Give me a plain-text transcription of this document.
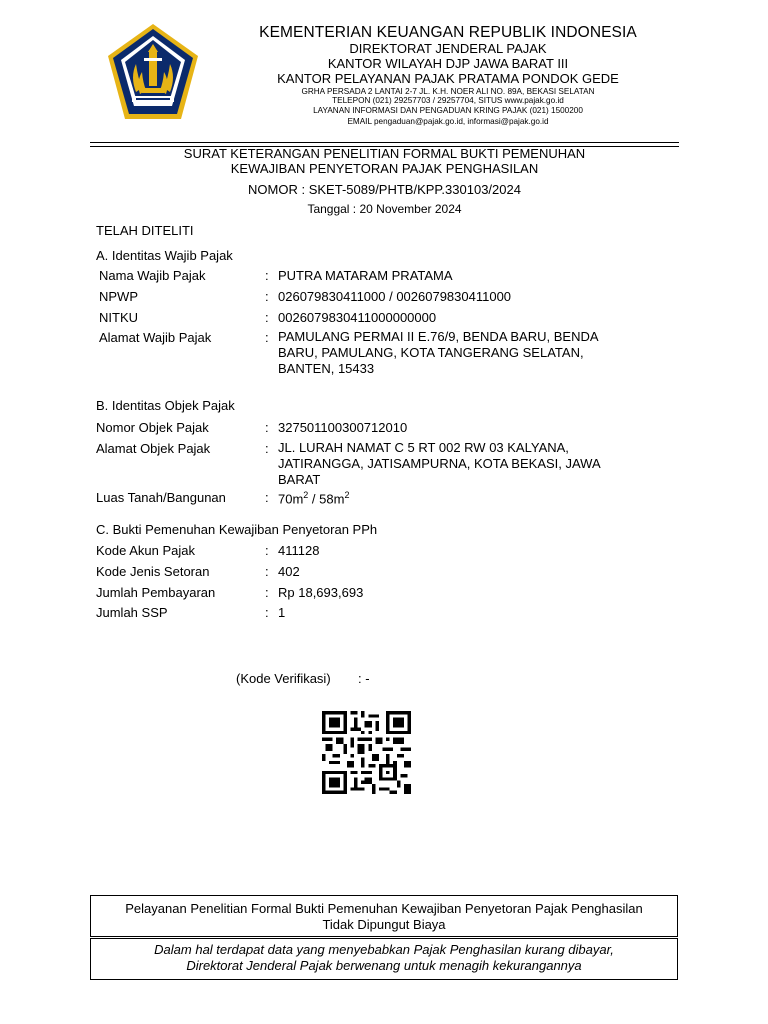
KEMENTERIAN KEUANGAN REPUBLIK INDONESIA
DIREKTORAT JENDERAL PAJAK
KANTOR WILAYAH DJP JAWA BARAT III
KANTOR PELAYANAN PAJAK PRATAMA PONDOK GEDE
GRHA PERSADA 2 LANTAI 2-7 JL. K.H. NOER ALI NO. 89A, BEKASI SELATAN
TELEPON (021) 29257703 / 29257704, SITUS www.pajak.go.id
LAYANAN INFORMASI DAN PENGADUAN KRING PAJAK (021) 1500200
EMAIL pengaduan@pajak.go.id, informasi@pajak.go.id
SURAT KETERANGAN PENELITIAN FORMAL BUKTI PEMENUHAN
KEWAJIBAN PENYETORAN PAJAK PENGHASILAN
NOMOR : SKET-5089/PHTB/KPP.330103/2024
Tanggal : 20 November 2024
TELAH DITELITI
A. Identitas Wajib Pajak
Nama Wajib Pajak	: PUTRA MATARAM PRATAMA
NPWP	: 026079830411000 / 0026079830411000
NITKU	: 0026079830411000000000
Alamat Wajib Pajak	: PAMULANG PERMAI II E.76/9, BENDA BARU, BENDA BARU, PAMULANG, KOTA TANGERANG SELATAN, BANTEN, 15433
B. Identitas Objek Pajak
Nomor Objek Pajak	: 327501100300712010
Alamat Objek Pajak	: JL. LURAH NAMAT C 5 RT 002 RW 03 KALYANA, JATIRANGGA, JATISAMPURNA, KOTA BEKASI, JAWA BARAT
Luas Tanah/Bangunan	: $70m^2 / 58m^2$
C. Bukti Pemenuhan Kewajiban Penyetoran PPh
Kode Akun Pajak	: 411128
Kode Jenis Setoran	: 402
Jumlah Pembayaran	: Rp 18,693,693
Jumlah SSP	: 1
(Kode Verifikasi) : -
Pelayanan Penelitian Formal Bukti Pemenuhan Kewajiban Penyetoran Pajak Penghasilan
Tidak Dipungut Biaya
Dalam hal terdapat data yang menyebabkan Pajak Penghasilan kurang dibayar,
Direktorat Jenderal Pajak berwenang untuk menagih kekurangannya
